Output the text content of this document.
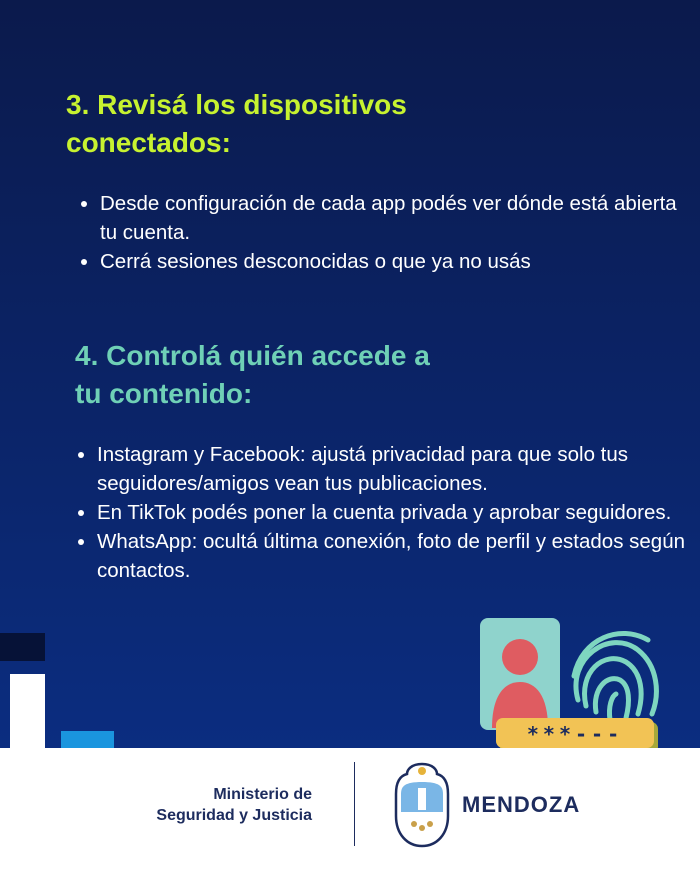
3. Revisá los dispositivos
conectados:
• Desde configuración de cada app podés ver dónde está abierta tu cuenta.
• Cerrá sesiones desconocidas o que ya no usás
4. Controlá quién accede a
tu contenido:
• Instagram y Facebook: ajustá privacidad para que solo tus seguidores/amigos vean tus publicaciones.
• En TikTok podés poner la cuenta privada y aprobar seguidores.
• WhatsApp: ocultá última conexión, foto de perfil y estados según contactos.
***---
Ministerio de
Seguridad y Justicia	MENDOZA
